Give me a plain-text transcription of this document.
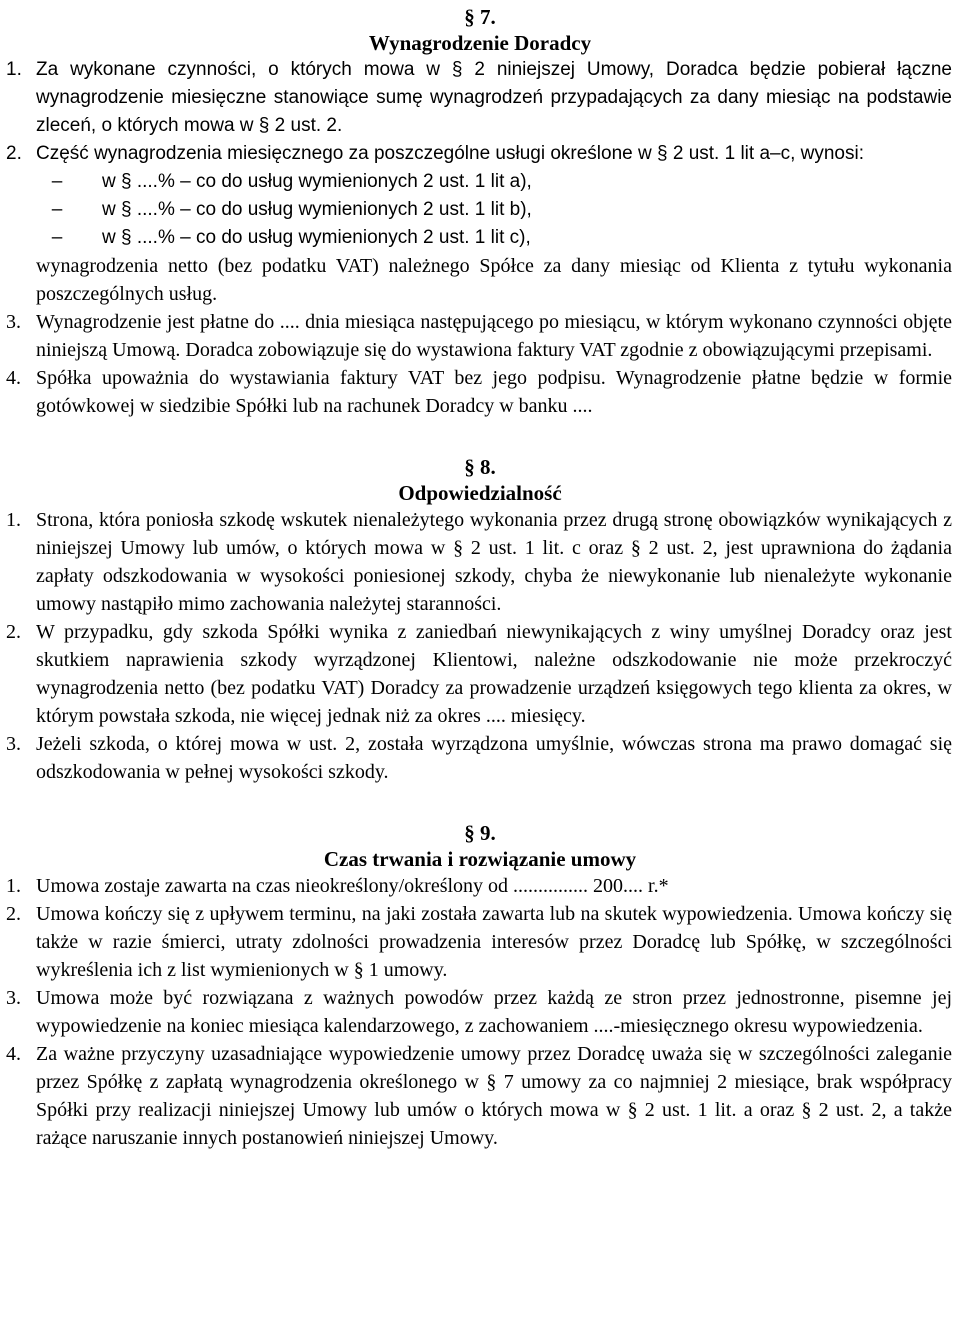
§ 7.
Wynagrodzenie Doradcy
1. Za wykonane czynności, o których mowa w § 2 niniejszej Umowy, Doradca będzie pobierał łączne wynagrodzenie miesięczne stanowiące sumę wynagrodzeń przypadających za dany miesiąc na podstawie zleceń, o których mowa w § 2 ust. 2.
2. Część wynagrodzenia miesięcznego za poszczególne usługi określone w § 2 ust. 1 lit a–c, wynosi:
–	w § ....% – co do usług wymienionych 2 ust. 1 lit a),
–	w § ....% – co do usług wymienionych 2 ust. 1 lit b),
–	w § ....% – co do usług wymienionych 2 ust. 1 lit c),
wynagrodzenia netto (bez podatku VAT) należnego Spółce za dany miesiąc od Klienta z tytułu wykonania poszczególnych usług.
3. Wynagrodzenie jest płatne do .... dnia miesiąca następującego po miesiącu, w którym wykonano czynności objęte niniejszą Umową. Doradca zobowiązuje się do wystawiona faktury VAT zgodnie z obowiązującymi przepisami.
4. Spółka upoważnia do wystawiania faktury VAT bez jego podpisu. Wynagrodzenie płatne będzie w formie gotówkowej w siedzibie Spółki lub na rachunek Doradcy w banku ....
§ 8.
Odpowiedzialność
1. Strona, która poniosła szkodę wskutek nienależytego wykonania przez drugą stronę obowiązków wynikających z niniejszej Umowy lub umów, o których mowa w § 2 ust. 1 lit. c oraz § 2 ust. 2, jest uprawniona do żądania zapłaty odszkodowania w wysokości poniesionej szkody, chyba że niewykonanie lub nienależyte wykonanie umowy nastąpiło mimo zachowania należytej staranności.
2. W przypadku, gdy szkoda Spółki wynika z zaniedbań niewynikających z winy umyślnej Doradcy oraz jest skutkiem naprawienia szkody wyrządzonej Klientowi, należne odszkodowanie nie może przekroczyć wynagrodzenia netto (bez podatku VAT) Doradcy za prowadzenie urządzeń księgowych tego klienta za okres, w którym powstała szkoda, nie więcej jednak niż za okres .... miesięcy.
3. Jeżeli szkoda, o której mowa w ust. 2, została wyrządzona umyślnie, wówczas strona ma prawo domagać się odszkodowania w pełnej wysokości szkody.
§ 9.
Czas trwania i rozwiązanie umowy
1. Umowa zostaje zawarta na czas nieokreślony/określony od ............... 200.... r.*
2. Umowa kończy się z upływem terminu, na jaki została zawarta lub na skutek wypowiedzenia. Umowa kończy się także w razie śmierci, utraty zdolności prowadzenia interesów przez Doradcę lub Spółkę, w szczególności wykreślenia ich z list wymienionych w § 1 umowy.
3. Umowa może być rozwiązana z ważnych powodów przez każdą ze stron przez jednostronne, pisemne jej wypowiedzenie na koniec miesiąca kalendarzowego, z zachowaniem ....-miesięcznego okresu wypowiedzenia.
4. Za ważne przyczyny uzasadniające wypowiedzenie umowy przez Doradcę uważa się w szczególności zaleganie przez Spółkę z zapłatą wynagrodzenia określonego w § 7 umowy za co najmniej 2 miesiące, brak współpracy Spółki przy realizacji niniejszej Umowy lub umów o których mowa w § 2 ust. 1 lit. a oraz § 2 ust. 2, a także rażące naruszanie innych postanowień niniejszej Umowy.
